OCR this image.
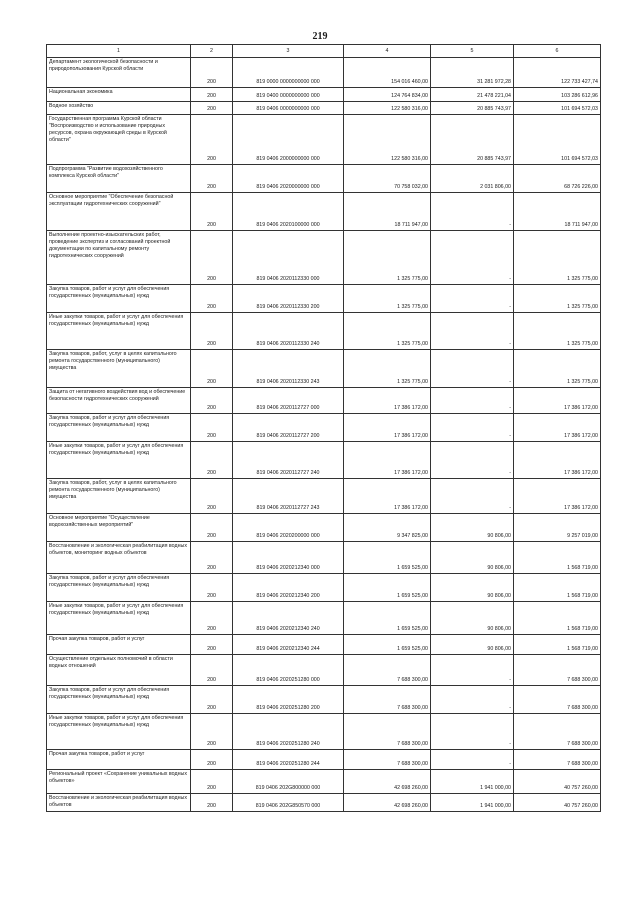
219
1	2	3	4	5	6
Департамент экологической безопасности и природопользования Курской области	200	819 0000 0000000000 000	154 016 460,00	31 281 972,28	122 733 427,74
Национальная экономика	200	819 0400 0000000000 000	124 764 834,00	21 478 221,04	103 286 612,96
Водное хозяйство	200	819 0406 0000000000 000	122 580 316,00	20 885 743,97	101 694 572,03
Государственная программа Курской области "Воспроизводство и использование природных ресурсов, охрана окружающей среды в Курской области"	200	819 0406 2000000000 000	122 580 316,00	20 885 743,97	101 694 572,03
Подпрограмма "Развитие водохозяйственного комплекса Курской области"	200	819 0406 2020000000 000	70 758 032,00	2 031 806,00	68 726 226,00
Основное мероприятие "Обеспечение безопасной эксплуатации гидротехнических сооружений"	200	819 0406 2020100000 000	18 711 947,00	-	18 711 947,00
Выполнение проектно-изыскательских работ, проведение экспертиз и согласований проектной документации по капитальному ремонту гидротехнических сооружений	200	819 0406 2020112330 000	1 325 775,00	-	1 325 775,00
Закупка товаров, работ и услуг для обеспечения государственных (муниципальных) нужд	200	819 0406 2020112330 200	1 325 775,00	-	1 325 775,00
Иные закупки товаров, работ и услуг для обеспечения государственных (муниципальных) нужд	200	819 0406 2020112330 240	1 325 775,00	-	1 325 775,00
Закупка товаров, работ, услуг в целях капитального ремонта государственного (муниципального) имущества	200	819 0406 2020112330 243	1 325 775,00	-	1 325 775,00
Защита от негативного воздействия вод и обеспечение безопасности гидротехнических сооружений	200	819 0406 2020112727 000	17 386 172,00	-	17 386 172,00
Закупка товаров, работ и услуг для обеспечения государственных (муниципальных) нужд	200	819 0406 2020112727 200	17 386 172,00	-	17 386 172,00
Иные закупки товаров, работ и услуг для обеспечения государственных (муниципальных) нужд	200	819 0406 2020112727 240	17 386 172,00	-	17 386 172,00
Закупка товаров, работ, услуг в целях капитального ремонта государственного (муниципального) имущества	200	819 0406 2020112727 243	17 386 172,00	-	17 386 172,00
Основное мероприятие "Осуществление водохозяйственных мероприятий"	200	819 0406 2020200000 000	9 347 825,00	90 806,00	9 257 019,00
Восстановление и экологическая реабилитация водных объектов, мониторинг водных объектов	200	819 0406 2020212340 000	1 659 525,00	90 806,00	1 568 719,00
Закупка товаров, работ и услуг для обеспечения государственных (муниципальных) нужд	200	819 0406 2020212340 200	1 659 525,00	90 806,00	1 568 719,00
Иные закупки товаров, работ и услуг для обеспечения государственных (муниципальных) нужд	200	819 0406 2020212340 240	1 659 525,00	90 806,00	1 568 719,00
Прочая закупка товаров, работ и услуг	200	819 0406 2020212340 244	1 659 525,00	90 806,00	1 568 719,00
Осуществление отдельных полномочий в области водных отношений	200	819 0406 2020251280 000	7 688 300,00	-	7 688 300,00
Закупка товаров, работ и услуг для обеспечения государственных (муниципальных) нужд	200	819 0406 2020251280 200	7 688 300,00	-	7 688 300,00
Иные закупки товаров, работ и услуг для обеспечения государственных (муниципальных) нужд	200	819 0406 2020251280 240	7 688 300,00	-	7 688 300,00
Прочая закупка товаров, работ и услуг	200	819 0406 2020251280 244	7 688 300,00	-	7 688 300,00
Региональный проект «Сохранение уникальных водных объектов»	200	819 0406 202G800000 000	42 698 260,00	1 941 000,00	40 757 260,00
Восстановление и экологическая реабилитация водных объектов	200	819 0406 202G850570 000	42 698 260,00	1 941 000,00	40 757 260,00
